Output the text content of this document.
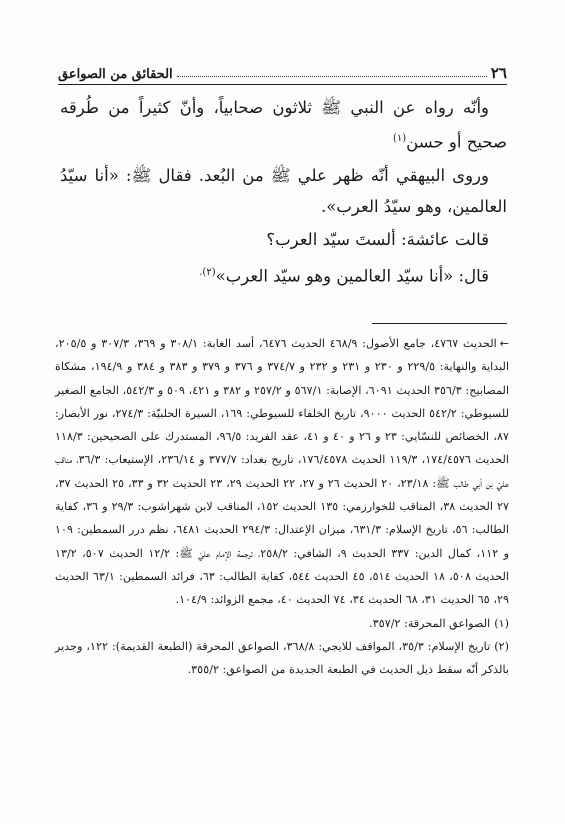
٢٦
الحقائق من الصواعق

وأنّه رواه عن النبي ﷺ ثلاثون صحابياً، وأنّ كثيراً من طُرقه صحيح أو حسن$^{(١)}$

وروى البيهقي أنّه ظهر علي ﷺ من البُعد. فقال ﷺ: «أنا سيّدُ العالمين، وهو سيّدُ العرب».

قالت عائشة: ألستَ سيّد العرب؟

قال: «أنا سيّد العالمين وهو سيّد العرب»$^{(٢).}$

←الحديث ٤٧٦٧، جامع الأصول: ٤٦٨/٩ الحديث ٦٤٧٦، أسد الغابة: ٣٠٨/١ و ٣٦٩، ٣٠٧/٣ و ٢٠٥/٥، البداية والنهاية: ٢٢٩/٥ و ٢٣٠ و ٢٣١ و ٢٣٢ و ٣٧٤/٧ و ٣٧٦ و ٣٧٩ و ٣٨٣ و ٣٨٤ و ١٩٤/٩، مشكاة المصابيح: ٣٥٦/٣ الحديث ٦٠٩١، الإصابة: ٥٦٧/١ و ٢٥٧/٢ و ٣٨٢ و ٤٢١، ٥٠٩ و ٥٤٢/٣، الجامع الصغير للسيوطي: ٥٤٢/٢ الحديث ٩٠٠٠، تاريخ الخلفاء للسيوطي: ١٦٩، السيرة الحلبيّة: ٢٧٤/٣، نور الأبصار: ٨٧، الخصائص للنسّايي: ٢٣ و ٢٦ و ٤٠ و ٤١، عقد الفريد: ٩٦/٥، المستدرك على الصحيحين: ١١٨/٣ الحديث ١٧٤/٤٥٧٦، ١١٩/٣ الحديث ١٧٦/٤٥٧٨، تاريخ بغداد: ٣٧٧/٧ و ٢٣٦/١٤، الإستيعاب: ٣٦/٣، مناقب عليّ بن أبي طالب ﷺ: ٢٣/١٨، ٢٠ الحديث ٢٦ و ٢٧، ٢٢ الحديث ٢٩، ٢٣ الحديث ٣٢ و ٣٣، ٢٥ الحديث ٣٧، ٢٧ الحديث ٣٨، المناقب للخوارزمي: ١٣٥ الحديث ١٥٢، المناقب لابن شهراشوب: ٢٩/٣ و ٣٦، كفاية الطالب: ٥٦، تاريخ الإسلام: ٦٣١/٣، ميزان الإعتدال: ٢٩٤/٣ الحديث ٦٤٨١، نظم درر السمطين: ١٠٩ و ١١٢، كمال الدين: ٣٣٧ الحديث ٩، الشافي: ٢٥٨/٢، ترجمة الإمام عليّ ﷺ: ١٢/٢ الحديث ٥٠٧، ١٣/٢ الحديث ٥٠٨، ١٨ الحديث ٥١٤، ٤٥ الحديث ٥٤٤، كفاية الطالب: ٦٣، فرائد السمطين: ٦٣/١ الحديث ٢٩، ٦٥ الحديث ٣١، ٦٨ الحديث ٣٤، ٧٤ الحديث ٤٠، مجمع الزوائد: ١٠٤/٩.

(١)الصواعق المحرقة: ٣٥٧/٢.

(٢)تاريخ الإسلام: ٣٥/٣، المواقف للايجي: ٣٦٨/٨، الصواعق المحرقة (الطبعة القديمة): ١٢٢، وجدير بالذكر أنّه سقط ذيل الحديث في الطبعة الجديدة من الصواعق: ٣٥٥/٢.
